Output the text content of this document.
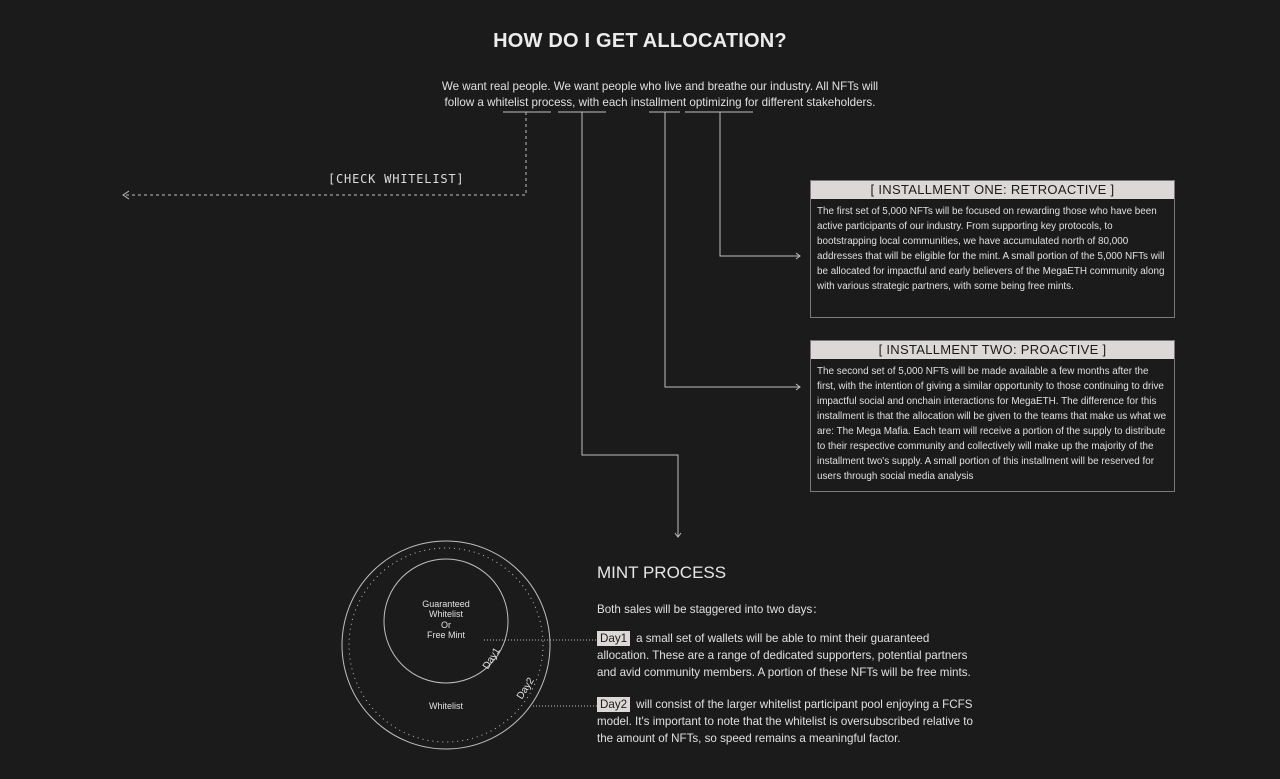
HOW DO I GET ALLOCATION?
We want real people. We want people who live and breathe our industry. All NFTs will
follow a whitelist process, with each installment optimizing for different stakeholders.
Guaranteed
Whitelist
Or
Free Mint
Whitelist
Day1
Day2
[CHECK WHITELIST]
[ INSTALLMENT ONE: RETROACTIVE ]
The first set of 5,000 NFTs will be focused on rewarding those who have been active participants of our industry. From supporting key protocols, to bootstrapping local communities, we have accumulated north of 80,000 addresses that will be eligible for the mint. A small portion of the 5,000 NFTs will be allocated for impactful and early believers of the MegaETH community along with various strategic partners, with some being free mints.
[ INSTALLMENT TWO: PROACTIVE ]
The second set of 5,000 NFTs will be made available a few months after the first, with the intention of giving a similar opportunity to those continuing to drive impactful social and onchain interactions for MegaETH. The difference for this installment is that the allocation will be given to the teams that make us what we are: The Mega Mafia. Each team will receive a portion of the supply to distribute to their respective community and collectively will make up the majority of the installment two's supply. A small portion of this installment will be reserved for users through social media analysis
MINT PROCESS
Both sales will be staggered into two days：
Day1 a small set of wallets will be able to mint their guaranteed allocation. These are a range of dedicated supporters, potential partners and avid community members. A portion of these NFTs will be free mints.
Day2 will consist of the larger whitelist participant pool enjoying a FCFS model. It's important to note that the whitelist is oversubscribed relative to the amount of NFTs, so speed remains a meaningful factor.
